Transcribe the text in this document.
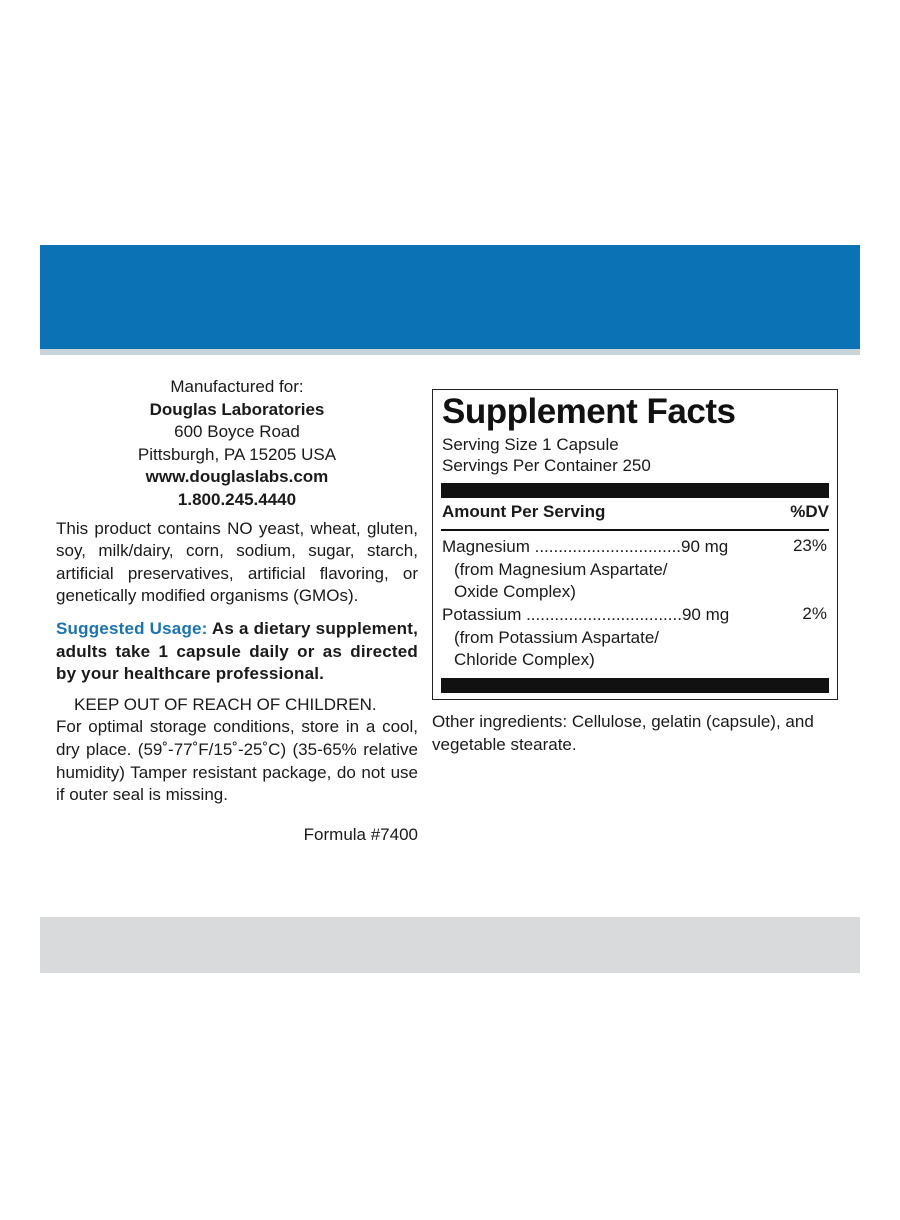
Manufactured for:
Douglas Laboratories
600 Boyce Road
Pittsburgh, PA 15205 USA
www.douglaslabs.com
1.800.245.4440
This product contains NO yeast, wheat, gluten, soy, milk/dairy, corn, sodium, sugar, starch, artificial preservatives, artificial flavoring, or genetically modified organisms (GMOs).
Suggested Usage: As a dietary supplement, adults take 1 capsule daily or as directed by your healthcare professional.
KEEP OUT OF REACH OF CHILDREN.
For optimal storage conditions, store in a cool, dry place. (59˚-77˚F/15˚-25˚C) (35-65% relative humidity) Tamper resistant package, do not use if outer seal is missing.
Formula #7400
Supplement Facts
Serving Size 1 Capsule
Servings Per Container 250
Amount Per Serving	%DV
Magnesium ...............................90 mg
(from Magnesium Aspartate/
Oxide Complex)
23%
Potassium .................................90 mg
(from Potassium Aspartate/
Chloride Complex)
2%
Other ingredients: Cellulose, gelatin (capsule), and vegetable stearate.
